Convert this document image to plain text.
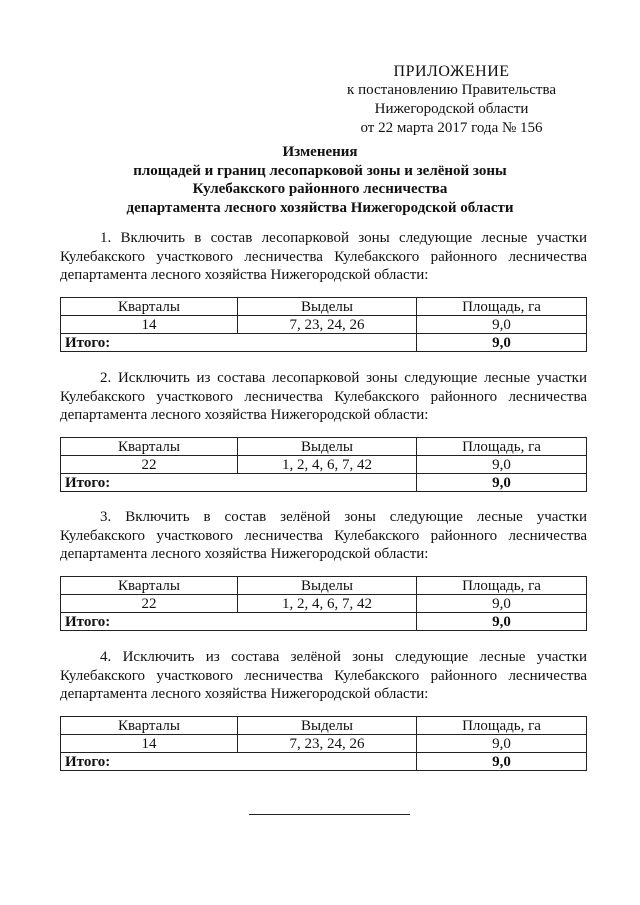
ПРИЛОЖЕНИЕ
к постановлению Правительства
Нижегородской области
от 22 марта 2017 года № 156
Изменения
площадей и границ лесопарковой зоны и зелёной зоны
Кулебакского районного лесничества
департамента лесного хозяйства Нижегородской области
1. Включить в состав лесопарковой зоны следующие лесные участки Кулебакского участкового лесничества Кулебакского районного лесничества департамента лесного хозяйства Нижегородской области:
Кварталы	Выделы	Площадь, га
14	7, 23, 24, 26	9,0
Итого:		9,0
2. Исключить из состава лесопарковой зоны следующие лесные участки Кулебакского участкового лесничества Кулебакского районного лесничества департамента лесного хозяйства Нижегородской области:
Кварталы	Выделы	Площадь, га
22	1, 2, 4, 6, 7, 42	9,0
Итого:		9,0
3. Включить в состав зелёной зоны следующие лесные участки Кулебакского участкового лесничества Кулебакского районного лесничества департамента лесного хозяйства Нижегородской области:
Кварталы	Выделы	Площадь, га
22	1, 2, 4, 6, 7, 42	9,0
Итого:		9,0
4. Исключить из состава зелёной зоны следующие лесные участки Кулебакского участкового лесничества Кулебакского районного лесничества департамента лесного хозяйства Нижегородской области:
Кварталы	Выделы	Площадь, га
14	7, 23, 24, 26	9,0
Итого:		9,0
